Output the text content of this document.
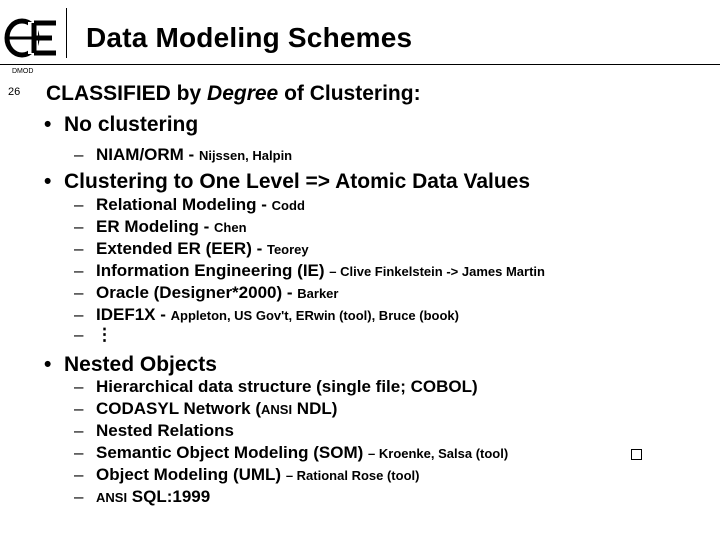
Data Modeling Schemes
DMOD
26 CLASSIFIED by Degree of Clustering:
• No clustering
– NIAM/ORM - Nijssen, Halpin
• Clustering to One Level => Atomic Data Values
– Relational Modeling - Codd
– ER Modeling - Chen
– Extended ER (EER) - Teorey
– Information Engineering (IE) – Clive Finkelstein -> James Martin
– Oracle (Designer*2000) - Barker
– IDEF1X - Appleton, US Gov't, ERwin (tool), Bruce (book)
– ⋮
• Nested Objects
– Hierarchical data structure (single file; COBOL)
– CODASYL Network (ANSI NDL)
– Nested Relations
– Semantic Object Modeling (SOM) – Kroenke, Salsa (tool)
– Object Modeling (UML) – Rational Rose (tool)
– ANSI SQL:1999
